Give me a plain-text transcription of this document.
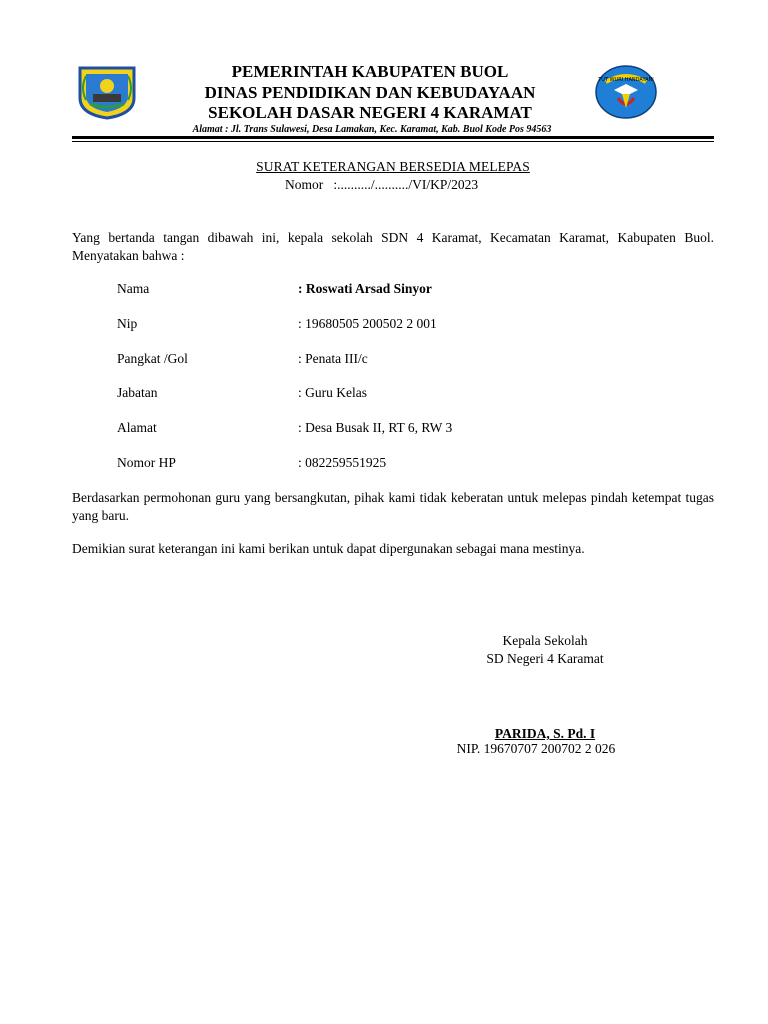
TUT WURI HANDAYANI
PEMERINTAH KABUPATEN BUOL
DINAS PENDIDIKAN DAN KEBUDAYAAN
SEKOLAH DASAR NEGERI 4 KARAMAT
Alamat : Jl. Trans Sulawesi, Desa Lamakan, Kec. Karamat, Kab. Buol Kode Pos 94563
SURAT KETERANGAN BERSEDIA MELEPAS
Nomor   :........../........../VI/KP/2023
Yang bertanda tangan dibawah ini, kepala sekolah SDN 4 Karamat, Kecamatan Karamat, Kabupaten Buol. Menyatakan bahwa :
Nama	: Roswati Arsad Sinyor
Nip	: 19680505 200502 2 001
Pangkat /Gol	: Penata III/c
Jabatan	: Guru Kelas
Alamat	: Desa Busak II, RT 6, RW 3
Nomor HP	: 082259551925
Berdasarkan permohonan guru yang bersangkutan, pihak kami tidak keberatan untuk melepas pindah ketempat tugas yang baru.
Demikian surat keterangan ini kami berikan untuk dapat dipergunakan sebagai mana mestinya.
Kepala Sekolah
SD Negeri 4 Karamat
PARIDA, S. Pd. I
NIP. 19670707 200702 2 026
